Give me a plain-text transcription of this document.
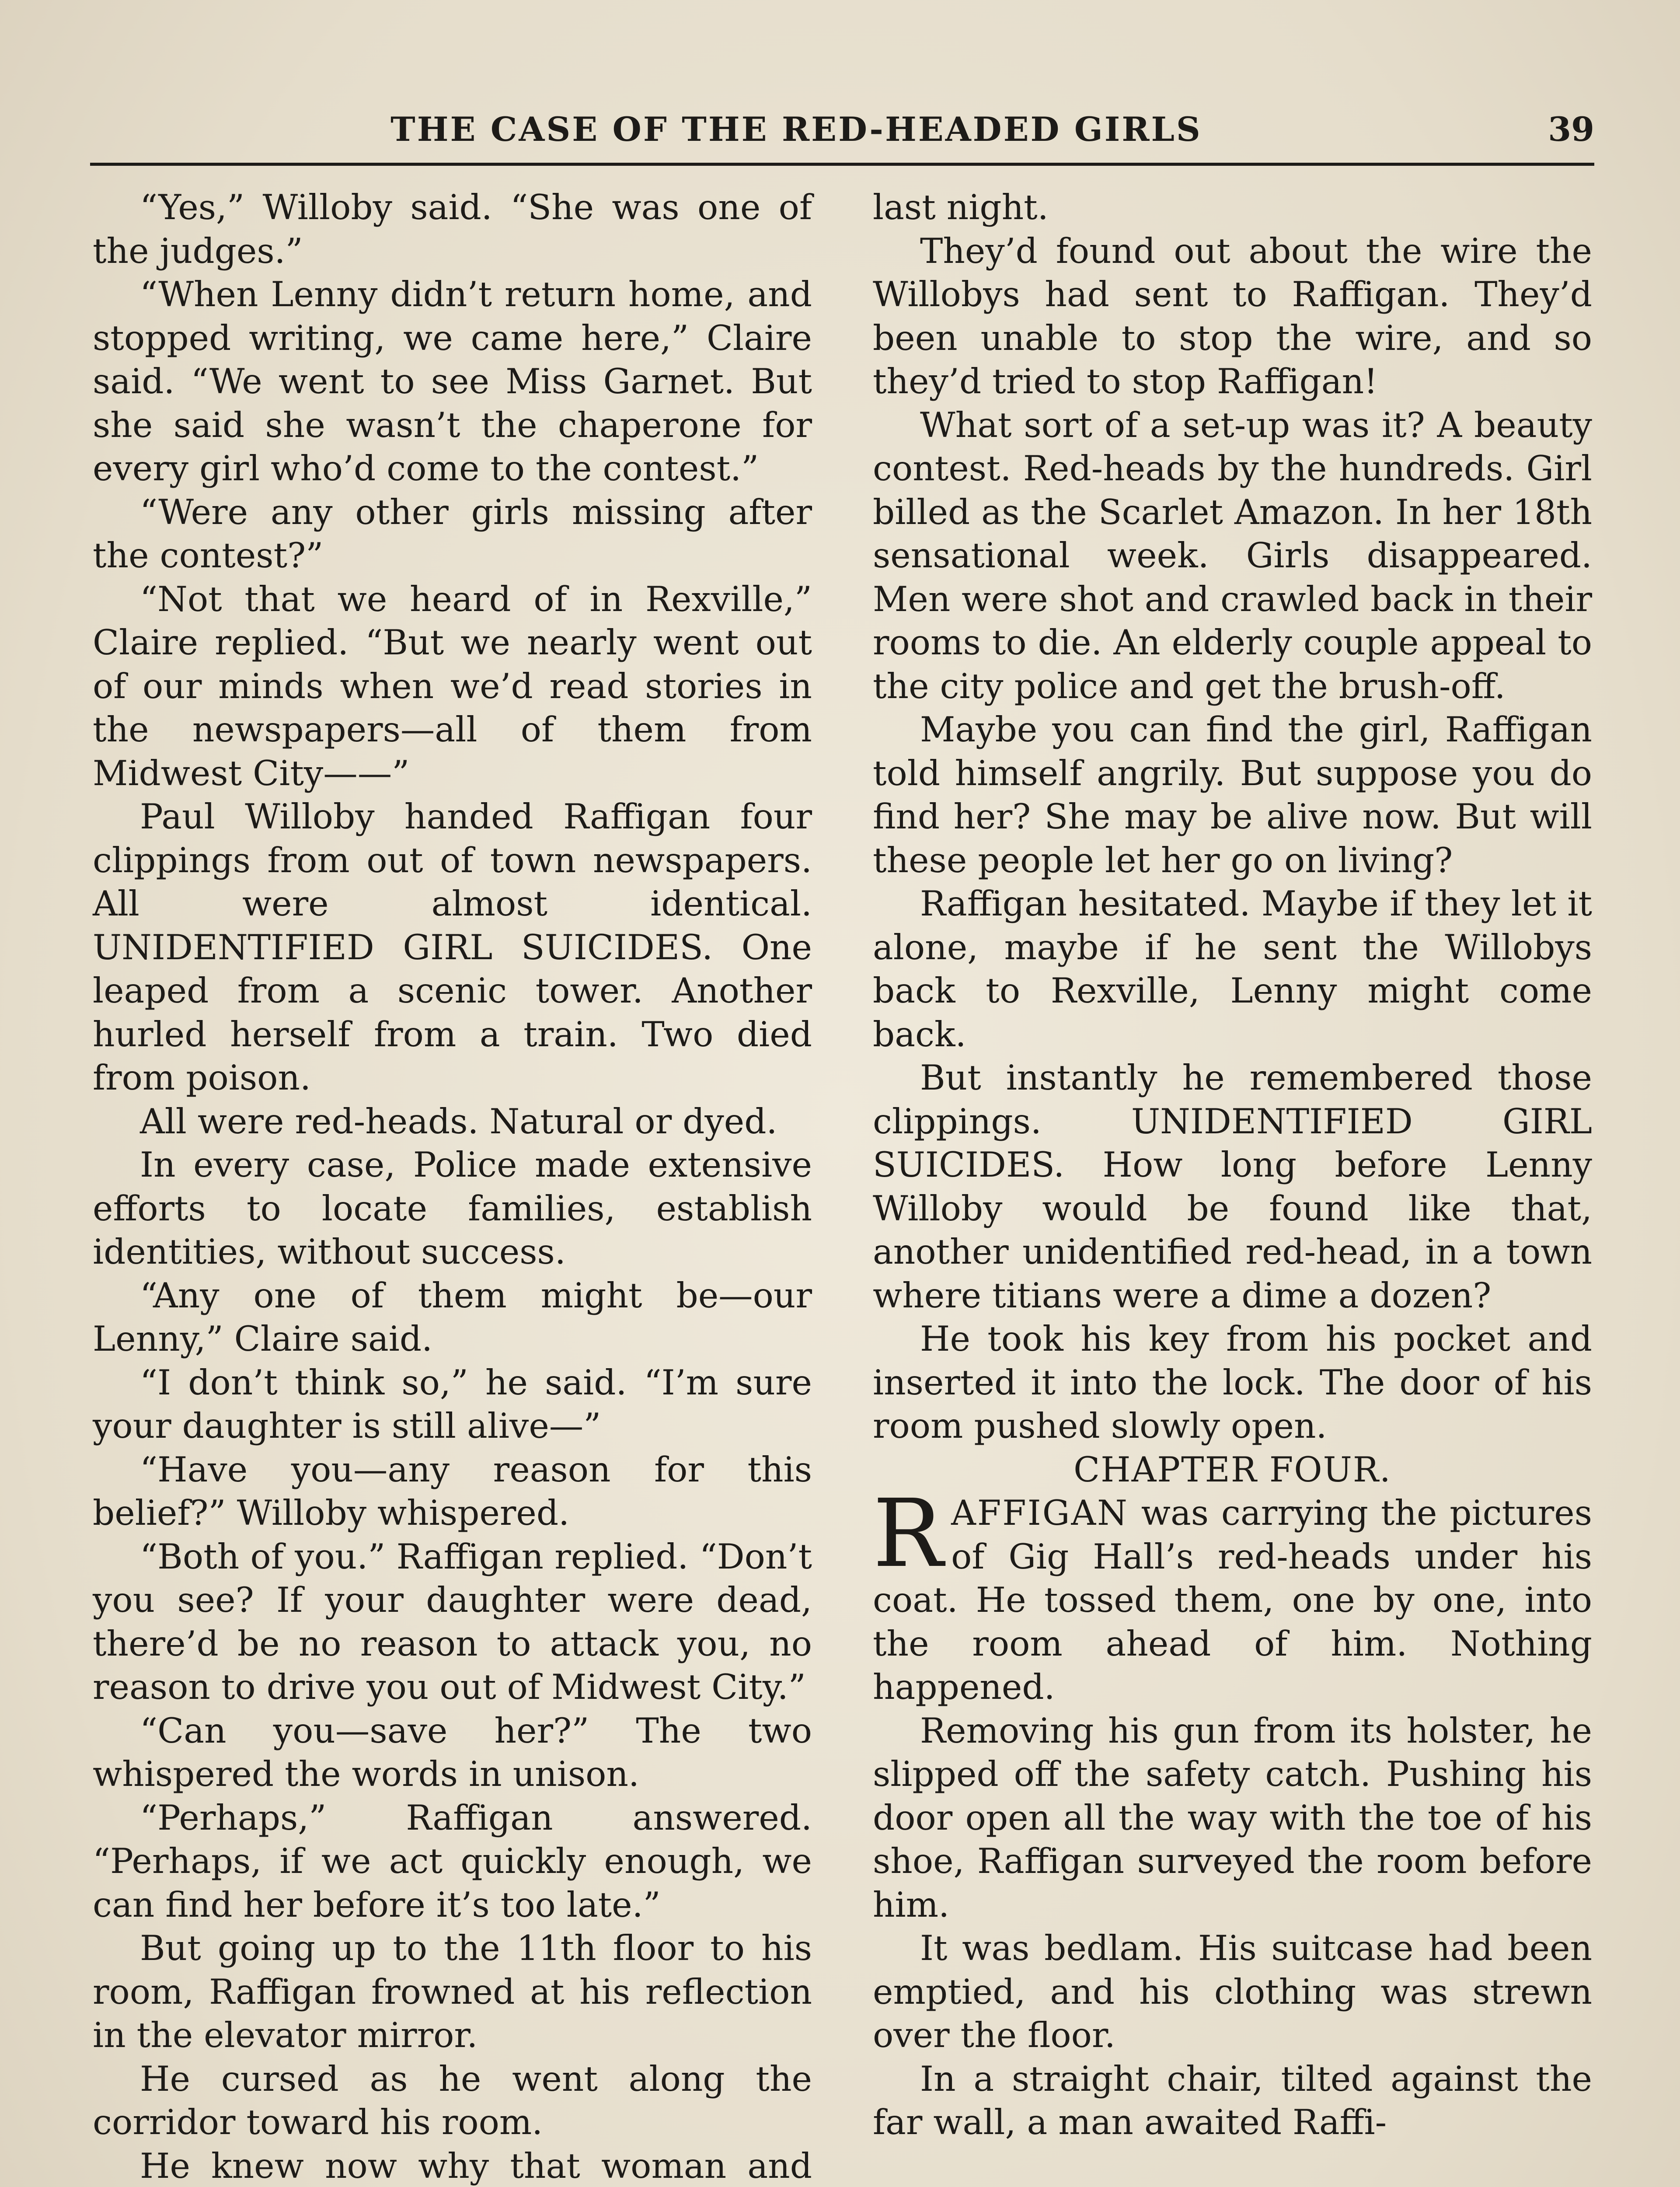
THE CASE OF THE RED-HEADED GIRLS	39

“Yes,” Willoby said. “She was one of the judges.”

“When Lenny didn’t return home, and stopped writing, we came here,” Claire said. “We went to see Miss Garnet. But she said she wasn’t the chaperone for every girl who’d come to the contest.”

“Were any other girls missing after the contest?”

“Not that we heard of in Rexville,” Claire replied. “But we nearly went out of our minds when we’d read stories in the newspapers—all of them from Midwest City——”

Paul Willoby handed Raffigan four clippings from out of town newspapers. All were almost identical. UNIDENTIFIED GIRL SUICIDES. One leaped from a scenic tower. Another hurled herself from a train. Two died from poison.

All were red-heads. Natural or dyed.

In every case, Police made extensive efforts to locate families, establish identities, without success.

“Any one of them might be—our Lenny,” Claire said.

“I don’t think so,” he said. “I’m sure your daughter is still alive—”

“Have you—any reason for this belief?” Willoby whispered.

“Both of you.” Raffigan replied. “Don’t you see? If your daughter were dead, there’d be no reason to attack you, no reason to drive you out of Midwest City.”

“Can you—save her?” The two whispered the words in unison.

“Perhaps,” Raffigan answered. “Perhaps, if we act quickly enough, we can find her before it’s too late.”

But going up to the 11th floor to his room, Raffigan frowned at his reflection in the elevator mirror.

He cursed as he went along the corridor toward his room.

He knew now why that woman and

last night.

They’d found out about the wire the Willobys had sent to Raffigan. They’d been unable to stop the wire, and so they’d tried to stop Raffigan!

What sort of a set-up was it? A beauty contest. Red-heads by the hundreds. Girl billed as the Scarlet Amazon. In her 18th sensational week. Girls disappeared. Men were shot and crawled back in their rooms to die. An elderly couple appeal to the city police and get the brush-off.

Maybe you can find the girl, Raffigan told himself angrily. But suppose you do find her? She may be alive now. But will these people let her go on living?

Raffigan hesitated. Maybe if they let it alone, maybe if he sent the Willobys back to Rexville, Lenny might come back.

But instantly he remembered those clippings. UNIDENTIFIED GIRL SUICIDES. How long before Lenny Willoby would be found like that, another unidentified red-head, in a town where titians were a dime a dozen?

He took his key from his pocket and inserted it into the lock. The door of his room pushed slowly open.

CHAPTER FOUR.

RAFFIGAN was carrying the pictures of Gig Hall’s red-heads under his coat. He tossed them, one by one, into the room ahead of him. Nothing happened.

Removing his gun from its holster, he slipped off the safety catch. Pushing his door open all the way with the toe of his shoe, Raffigan surveyed the room before him.

It was bedlam. His suitcase had been emptied, and his clothing was strewn over the floor.

In a straight chair, tilted against the far wall, a man awaited Raffi-
